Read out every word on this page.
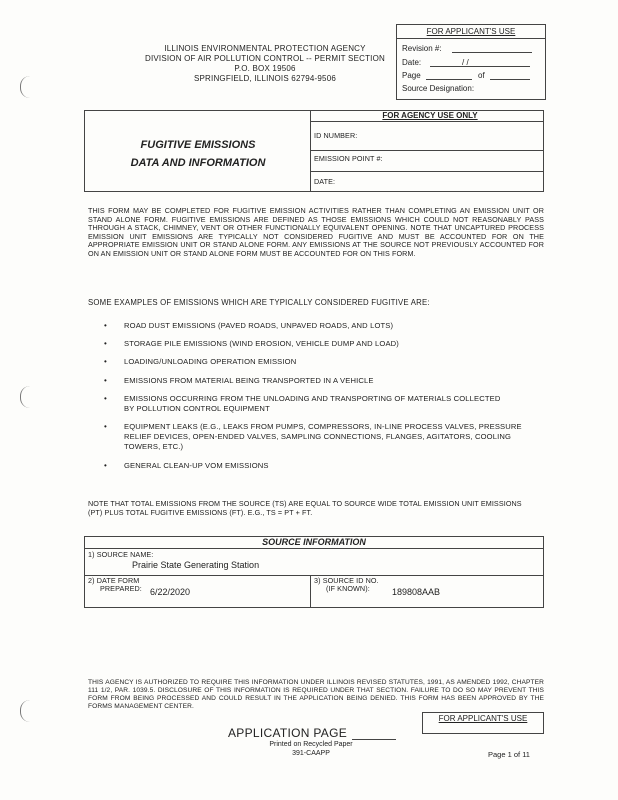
ILLINOIS ENVIRONMENTAL PROTECTION AGENCY
DIVISION OF AIR POLLUTION CONTROL -- PERMIT SECTION
P.O. BOX 19506
SPRINGFIELD, ILLINOIS 62794-9506
FOR APPLICANT'S USE
Revision #:
Date:	/ /
Page	of
Source Designation:
FOR AGENCY USE ONLY
ID NUMBER:
EMISSION POINT #:
DATE:
FUGITIVE EMISSIONS
DATA AND INFORMATION
THIS FORM MAY BE COMPLETED FOR FUGITIVE EMISSION ACTIVITIES RATHER THAN COMPLETING AN EMISSION UNIT OR STAND ALONE FORM. FUGITIVE EMISSIONS ARE DEFINED AS THOSE EMISSIONS WHICH COULD NOT REASONABLY PASS THROUGH A STACK, CHIMNEY, VENT OR OTHER FUNCTIONALLY EQUIVALENT OPENING. NOTE THAT UNCAPTURED PROCESS EMISSION UNIT EMISSIONS ARE TYPICALLY NOT CONSIDERED FUGITIVE AND MUST BE ACCOUNTED FOR ON THE APPROPRIATE EMISSION UNIT OR STAND ALONE FORM. ANY EMISSIONS AT THE SOURCE NOT PREVIOUSLY ACCOUNTED FOR ON AN EMISSION UNIT OR STAND ALONE FORM MUST BE ACCOUNTED FOR ON THIS FORM.
SOME EXAMPLES OF EMISSIONS WHICH ARE TYPICALLY CONSIDERED FUGITIVE ARE:
• ROAD DUST EMISSIONS (PAVED ROADS, UNPAVED ROADS, AND LOTS)
• STORAGE PILE EMISSIONS (WIND EROSION, VEHICLE DUMP AND LOAD)
• LOADING/UNLOADING OPERATION EMISSION
• EMISSIONS FROM MATERIAL BEING TRANSPORTED IN A VEHICLE
• EMISSIONS OCCURRING FROM THE UNLOADING AND TRANSPORTING OF MATERIALS COLLECTED BY POLLUTION CONTROL EQUIPMENT
• EQUIPMENT LEAKS (E.G., LEAKS FROM PUMPS, COMPRESSORS, IN-LINE PROCESS VALVES, PRESSURE RELIEF DEVICES, OPEN-ENDED VALVES, SAMPLING CONNECTIONS, FLANGES, AGITATORS, COOLING TOWERS, ETC.)
• GENERAL CLEAN-UP VOM EMISSIONS
NOTE THAT TOTAL EMISSIONS FROM THE SOURCE (TS) ARE EQUAL TO SOURCE WIDE TOTAL EMISSION UNIT EMISSIONS (PT) PLUS TOTAL FUGITIVE EMISSIONS (FT). E.G., TS = PT + FT.
SOURCE INFORMATION
1) SOURCE NAME:
Prairie State Generating Station
2) DATE FORM
PREPARED: 6/22/2020
3) SOURCE ID NO.
(IF KNOWN):	189808AAB
THIS AGENCY IS AUTHORIZED TO REQUIRE THIS INFORMATION UNDER ILLINOIS REVISED STATUTES, 1991, AS AMENDED 1992, CHAPTER 111 1/2, PAR. 1039.5. DISCLOSURE OF THIS INFORMATION IS REQUIRED UNDER THAT SECTION. FAILURE TO DO SO MAY PREVENT THIS FORM FROM BEING PROCESSED AND COULD RESULT IN THE APPLICATION BEING DENIED. THIS FORM HAS BEEN APPROVED BY THE FORMS MANAGEMENT CENTER.
FOR APPLICANT'S USE
APPLICATION PAGE
Printed on Recycled Paper
391-CAAPP	Page 1 of 11
